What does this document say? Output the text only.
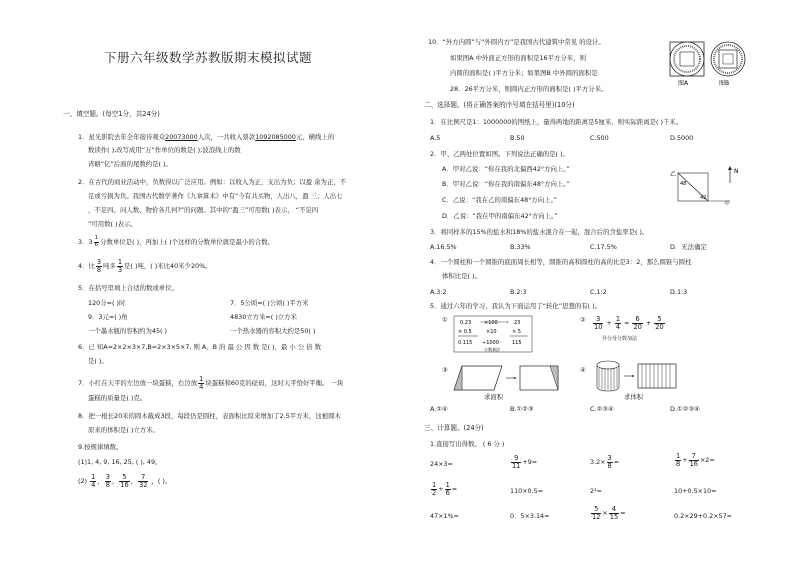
下册六年级数学苏教版期末模拟试题
一、填空题。(每空1分，共24分)
1．星光影院去年全年接待观众20073000人次，一共收入票款1092085000元，横线上的
数读作( ),改写成用“万”作单位的数是( );波浪线上的数
省略“亿”后面的尾数约是( )。
2．在古代的商业活动中，负数得以广泛应用。例如：以收入为正，支出为负；以盈 余为正，不
足或亏损为负。我国古代数学著作《九章算术》中有“今有共买物，人出八，盈 三；人出七
，不足四。问人数、物价各几何?”的问题。其中的“盈三”可用数( )表示， “不足四
”可用数( )表示。
3．$3 \frac{1}{6}$ 分数单位是( )，再加上( )个这样的分数单位就是最小的合数。
4．比 $\frac{3}{8}$ 吨多 $\frac{1}{3}$ 是( )吨，( )米比40米少20%。
5．在括号里填上合适的数或单位。
120分=( )时	7．5公顷=( )公顷( )平方米
9．3元=( )角	4830立方米=( )立方米
一个墨水瓶的容积约为45( )	一个热水器的容积大约是50( )
6．已 知A=2×2×3×7,B=2×3×5×7, 则 A、B 的 最 公 因 数 是( )，最 小 公 倍 数
是( )。
7．小红在天平的左边放一块蛋糕，右边放 $\frac{1}{4}$ 块蛋糕和60克的砝码，这时天平恰好平衡。 一块
蛋糕的质量是( )克。
8．把一根长20米的圆木截成3段，每段仍是圆柱，表面积比原来增加了2.5平方米，这根圆木
原来的体积是( )立方米。
9.按规律填数。
(1)1, 4, 9, 16, 25, ( ), 49。
$(2) \frac{1}{4}$ ， $\frac{3}{8}$ ， $\frac{5}{16}$ ， $\frac{7}{32}$ ，( )。
10．“外方内圆”与“外圆内方”是我国古代建筑中常见 的设计。
如果图A 中外面正方形的面积是16平方分米，则
内圆的面积是( )平方分米；如果图B 中外圆的面积是
28．26平方分米，则圆内正方形的面积是( )平方分米。
图A	图B
二、选择题。(将正确答案的序号填在括号里)(10分)
1．在比例尺是1：1000000的图纸上，量得两地的距离是5厘米，则实际距离是( )千米。
A.5	B.50	C.500	D.5000
2．甲、乙两处位置如图。下列说法正确的是( )。
A．甲对乙说：“你在我的北偏西42°方向上。”
B．甲对乙说：“你在我的南偏东48°方向上。”
C．乙说：“我在乙的南偏东48°方向上。”
D．乙说：“我在甲的南偏东42°方向上。”
乙
甲
48
42
N
3．将同样多的15%的盐水和18%的盐水混合在一起，混合后的含盐率是( )。
A.16.5%	B.33%	C.17.5%	D．无法确定
4．一个圆柱和一个圆锥的底面周长相等，圆锥的高和圆柱的高的比是3：2，那么圆锥与圆柱
体积比是( )。
A.3:2	B.2:3	C.1:2	D.1:3
5．通过六年的学习，我认为下面运用了“转化”思想的有( )。
① 0.23	×100	23
× 0.5	×10	× 5
0.115 ÷1000	115
小数乘法
② $\frac{3}{10} + \frac{1}{4} = \frac{6}{20} + \frac{5}{20}$
异分母分数加法
③
求面积
④
求体积
A.②④	B.①②③	C.②③④	D.①②③④
三、计算题。(24分)
1.直接写出得数。 ( 6 分 )
24×3=	$\frac{9}{11} +9=$	$3.2\times \frac{3}{8}$ =	$\frac{1}{8} + \frac{7}{16} \times 2=$
$\frac{1}{2} + \frac{1}{6}$ =	110×0.5=	2²=	10+0.5×10=
47×1%=	0．5×3.14=	$\frac{5}{12} \times \frac{4}{15}$ =	0.2×29+0.2×57=
